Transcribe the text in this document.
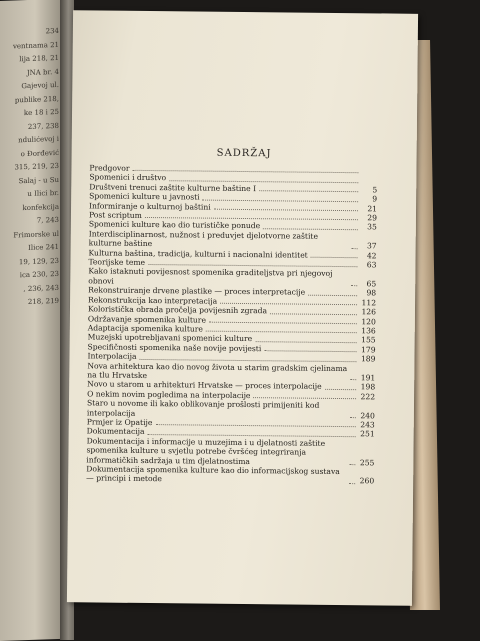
234
ventnama 21
lija 218, 21
JNA br. 4
Gajevoj ul.
publike 218,
ke 18 i 25
237, 238
ndulićevoj i
o Đorđević
315, 219, 23
Salaj - u Su
u Ilici br.
konfekcija
7, 243
Frimorske ul
Ilice 241
19, 129, 23
ica 230, 23
, 236, 243
218, 219
SADRŽAJ
Predgovor
Spomenici i društvo
Društveni trenuci zaštite kulturne baštine I	5
Spomenici kulture u javnosti	9
Informiranje o kulturnoj baštini	21
Post scriptum	29
Spomenici kulture kao dio turističke ponude	35
Interdisciplinarnost, nužnost i preduvjet djelotvorne zaštite kulturne baštine	37
Kulturna baština, tradicija, kulturni i nacionalni identitet	42
Teorijske teme	63
Kako istaknuti povijesnost spomenika graditeljstva pri njegovoj obnovi	65
Rekonstruiranje drvene plastike — proces interpretacije	98
Rekonstrukcija kao interpretacija	112
Koloristička obrada pročelja povijesnih zgrada	126
Održavanje spomenika kulture	120
Adaptacija spomenika kulture	136
Muzejski upotrebljavani spomenici kulture	155
Specifičnosti spomenika naše novije povijesti	179
Interpolacija	189
Nova arhitektura kao dio novog života u starim gradskim cjelinama na tlu Hrvatske	191
Novo u starom u arhitekturi Hrvatske — proces interpolacije	198
O nekim novim pogledima na interpolacije	222
Staro u novome ili kako oblikovanje prošlosti primijeniti kod interpolacija	240
Prmjer iz Opatije	243
Dokumentacija	251
Dokumentacija i informacije u muzejima i u djelatnosti zaštite spomenika kulture u svjetlu potrebe čvršćeg integriranja informatičkih sadržaja u tim djelatnostima	255
Dokumentacija spomenika kulture kao dio informacijskog sustava — principi i metode	260
